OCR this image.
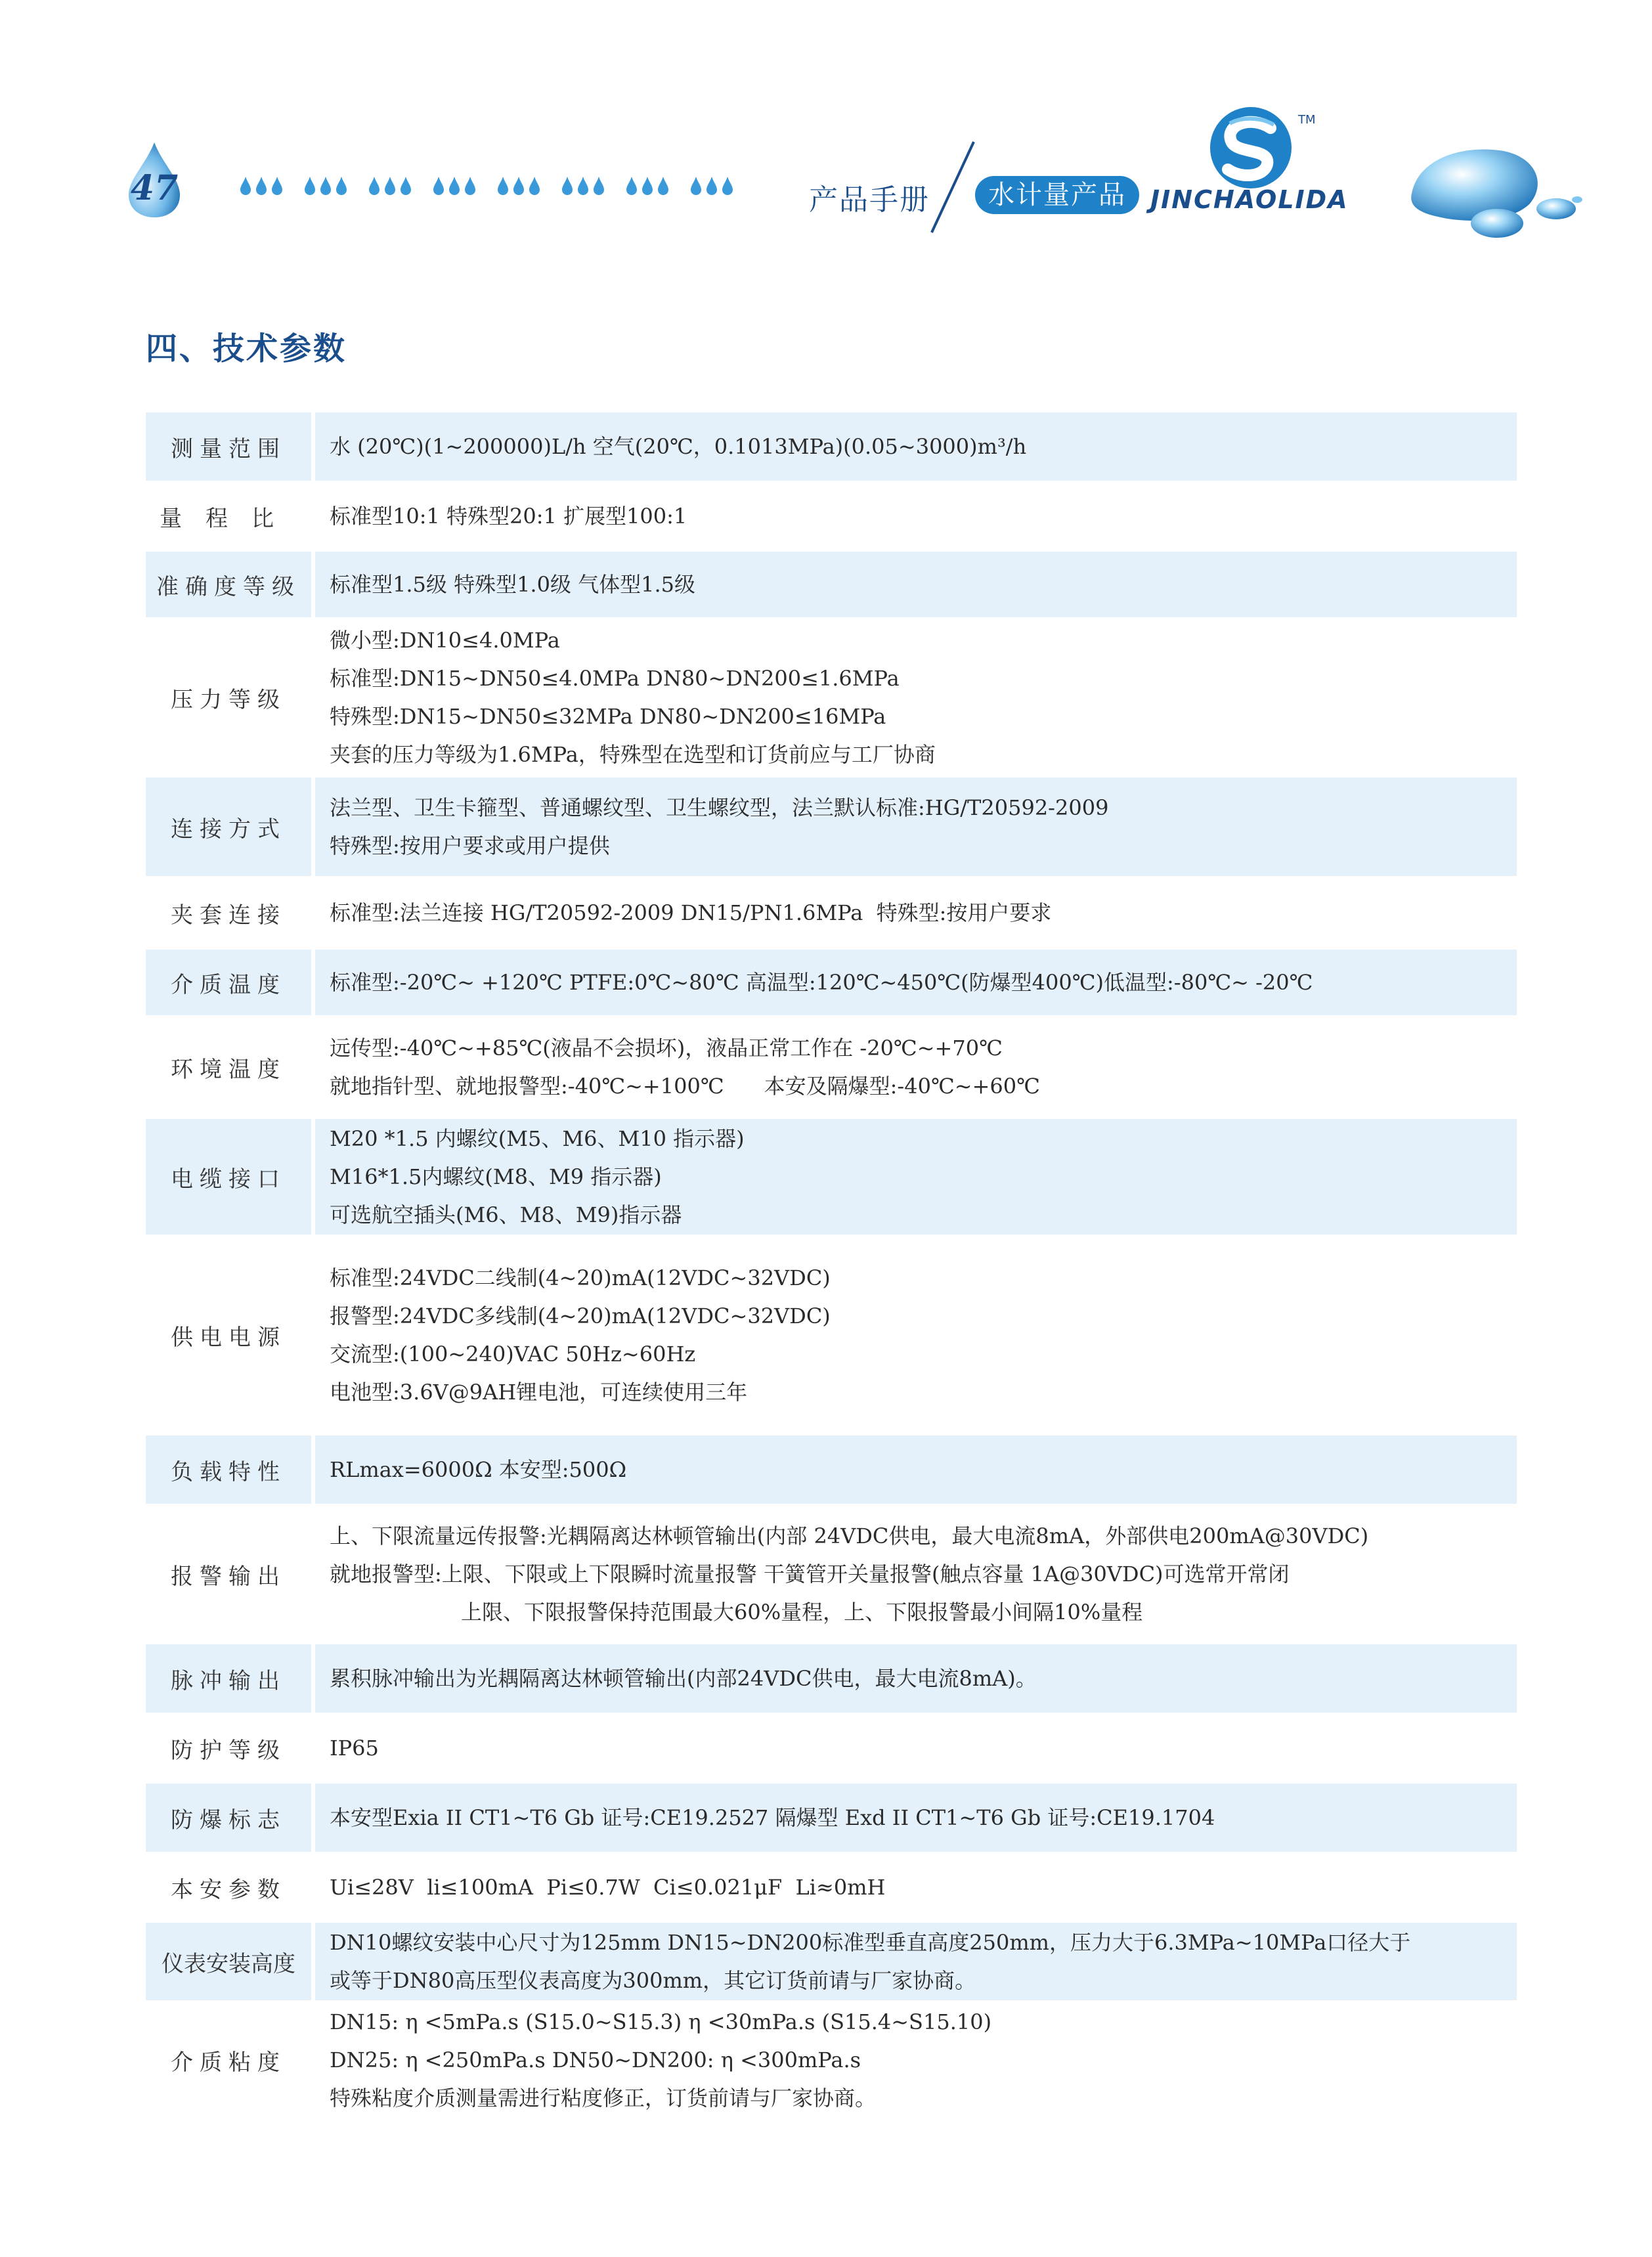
47	产品手册	水计量产品
TM
JINCHAOLIDA
四、技术参数
测量范围	水 (20℃)(1~200000)L/h 空气(20℃，0.1013MPa)(0.05~3000)m³/h

量程比	标准型10:1 特殊型20:1 扩展型100:1

准确度等级	标准型1.5级 特殊型1.0级 气体型1.5级

压力等级	微小型:DN10≤4.0MPa
标准型:DN15~DN50≤4.0MPa DN80~DN200≤1.6MPa
特殊型:DN15~DN50≤32MPa DN80~DN200≤16MPa
夹套的压力等级为1.6MPa，特殊型在选型和订货前应与工厂协商

连接方式	法兰型、卫生卡箍型、普通螺纹型、卫生螺纹型，法兰默认标准:HG/T20592-2009
特殊型:按用户要求或用户提供

夹套连接	标准型:法兰连接 HG/T20592-2009 DN15/PN1.6MPa  特殊型:按用户要求

介质温度	标准型:-20℃~ +120℃ PTFE:0℃~80℃ 高温型:120℃~450℃(防爆型400℃)低温型:-80℃~ -20℃

环境温度	远传型:-40℃~+85℃(液晶不会损坏)，液晶正常工作在 -20℃~+70℃
就地指针型、就地报警型:-40℃~+100℃      本安及隔爆型:-40℃~+60℃

电缆接口	M20 *1.5 内螺纹(M5、M6、M10 指示器)
M16*1.5内螺纹(M8、M9 指示器)
可选航空插头(M6、M8、M9)指示器

供电电源	标准型:24VDC二线制(4~20)mA(12VDC~32VDC)
报警型:24VDC多线制(4~20)mA(12VDC~32VDC)
交流型:(100~240)VAC 50Hz~60Hz
电池型:3.6V@9AH锂电池，可连续使用三年

负载特性	RLmax=6000Ω 本安型:500Ω

报警输出	上、下限流量远传报警:光耦隔离达林顿管输出(内部 24VDC供电，最大电流8mA，外部供电200mA@30VDC)
就地报警型:上限、下限或上下限瞬时流量报警 干簧管开关量报警(触点容量 1A@30VDC)可选常开常闭
上限、下限报警保持范围最大60%量程，上、下限报警最小间隔10%量程

脉冲输出	累积脉冲输出为光耦隔离达林顿管输出(内部24VDC供电，最大电流8mA)。

防护等级	IP65

防爆标志	本安型Exia II CT1~T6 Gb 证号:CE19.2527 隔爆型 Exd II CT1~T6 Gb 证号:CE19.1704

本安参数	Ui≤28V  li≤100mA  Pi≤0.7W  Ci≤0.021μF  Li≈0mH

仪表安装高度	DN10螺纹安装中心尺寸为125mm DN15~DN200标准型垂直高度250mm，压力大于6.3MPa~10MPa口径大于
或等于DN80高压型仪表高度为300mm，其它订货前请与厂家协商。

介质粘度	DN15: η <5mPa.s (S15.0~S15.3) η <30mPa.s (S15.4~S15.10)
DN25: η <250mPa.s DN50~DN200: η <300mPa.s
特殊粘度介质测量需进行粘度修正，订货前请与厂家协商。
